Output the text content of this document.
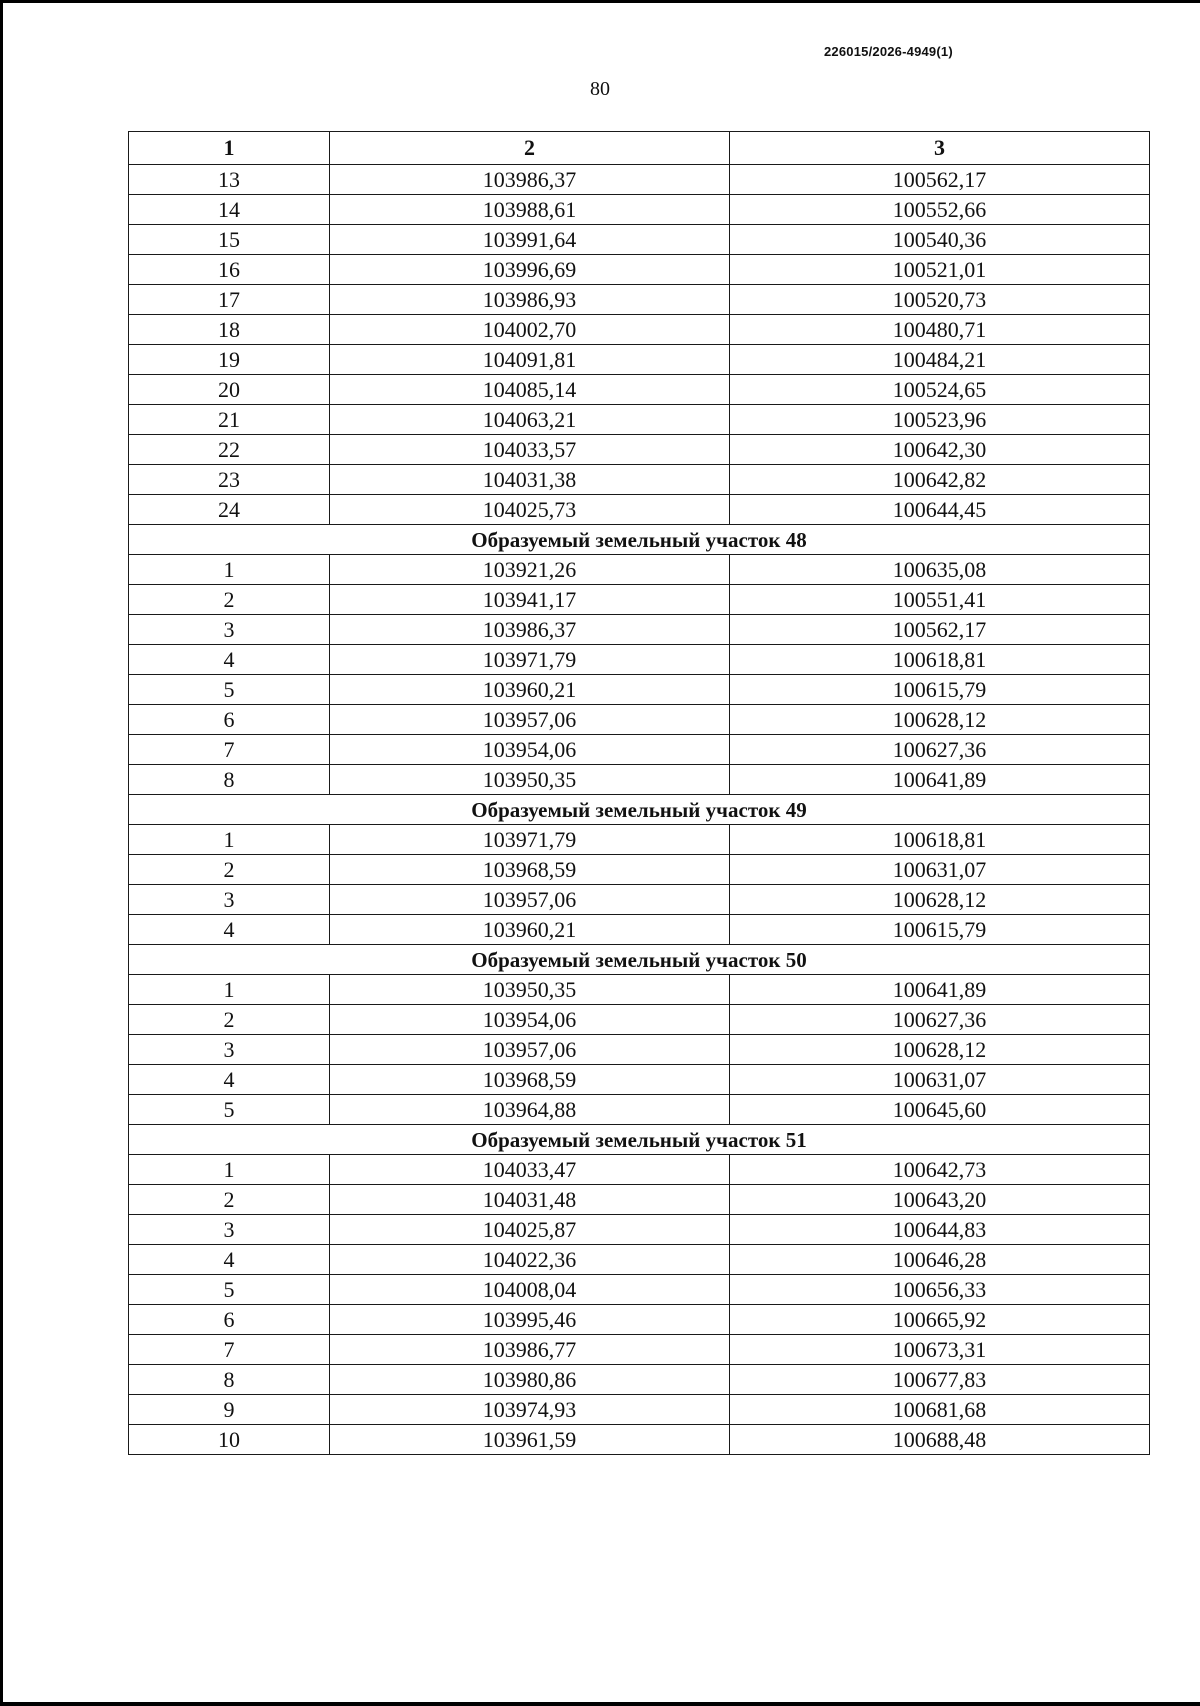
226015/2026-4949(1)
80
1	2	3
13	103986,37	100562,17
14	103988,61	100552,66
15	103991,64	100540,36
16	103996,69	100521,01
17	103986,93	100520,73
18	104002,70	100480,71
19	104091,81	100484,21
20	104085,14	100524,65
21	104063,21	100523,96
22	104033,57	100642,30
23	104031,38	100642,82
24	104025,73	100644,45
Образуемый земельный участок 48		
1	103921,26	100635,08
2	103941,17	100551,41
3	103986,37	100562,17
4	103971,79	100618,81
5	103960,21	100615,79
6	103957,06	100628,12
7	103954,06	100627,36
8	103950,35	100641,89
Образуемый земельный участок 49		
1	103971,79	100618,81
2	103968,59	100631,07
3	103957,06	100628,12
4	103960,21	100615,79
Образуемый земельный участок 50		
1	103950,35	100641,89
2	103954,06	100627,36
3	103957,06	100628,12
4	103968,59	100631,07
5	103964,88	100645,60
Образуемый земельный участок 51		
1	104033,47	100642,73
2	104031,48	100643,20
3	104025,87	100644,83
4	104022,36	100646,28
5	104008,04	100656,33
6	103995,46	100665,92
7	103986,77	100673,31
8	103980,86	100677,83
9	103974,93	100681,68
10	103961,59	100688,48
